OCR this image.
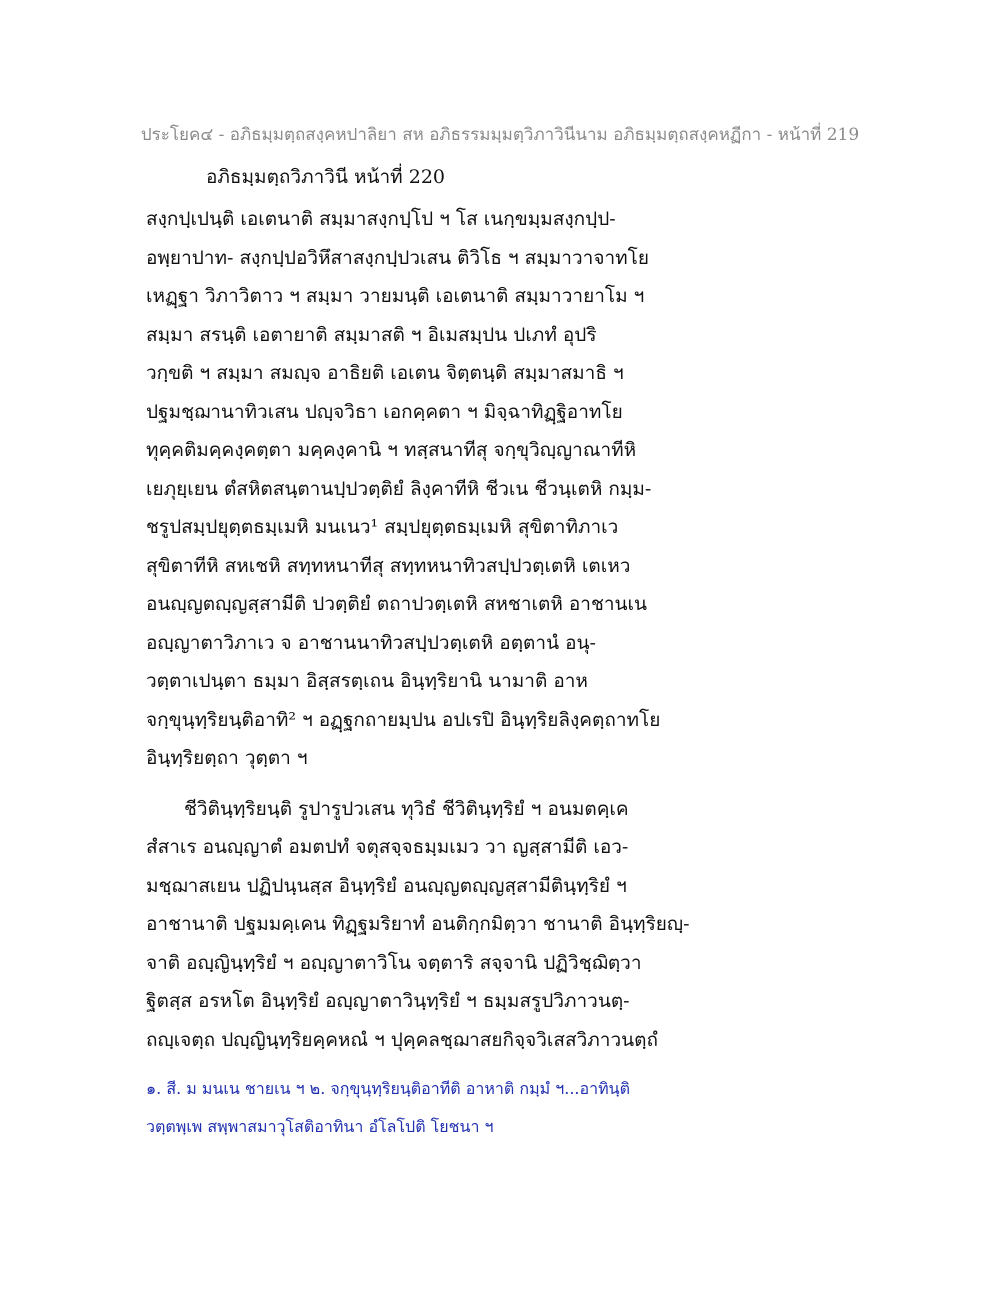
ประโยค๔ - อภิธมฺมตฺถสงฺคหปาลิยา สห อภิธรรมมฺมตฺวิภาวินีนาม อภิธมฺมตฺถสงฺคหฏีกา - หน้าที่ 219
อภิธมฺมตฺถวิภาวินี หน้าที่ 220
สงฺกปฺเปนฺติ เอเตนาติ สมฺมาสงฺกปฺโป ฯ โส เนกฺขมฺมสงฺกปฺป-
อพฺยาปาท- สงฺกปฺปอวิหึสาสงฺกปฺปวเสน ติวิโธ ฯ สมฺมาวาจาทโย
เหฏฺฐา วิภาวิตาว ฯ สมฺมา วายมนฺติ เอเตนาติ สมฺมาวายาโม ฯ
สมฺมา สรนฺติ เอตายาติ สมฺมาสติ ฯ อิเมสมฺปน ปเภทํ อุปริ
วกฺขติ ฯ สมฺมา สมญฺจ อาธิยติ เอเตน จิตฺตนฺติ สมฺมาสมาธิ ฯ
ปฐมชฺฌานาทิวเสน ปญฺจวิธา เอกคฺคตา ฯ มิจฺฉาทิฏฺฐิอาทโย
ทุคฺคติมคฺคงฺคตฺตา มคฺคงฺคานิ ฯ ทสฺสนาทีสุ จกฺขุวิญฺญาณาทีหิ
เยภุยฺเยน ตํสหิตสนฺตานปฺปวตฺติยํ ลิงฺคาทีหิ ชีวเน ชีวนฺเตหิ กมฺม-
ชรูปสมฺปยุตฺตธมฺเมหิ มนเนว¹ สมฺปยุตฺตธมฺเมหิ สุขิตาทิภาเว
สุขิตาทีหิ สหเชหิ สทฺทหนาทีสุ สทฺทหนาทิวสปฺปวตฺเตหิ เตเหว
อนญฺญตญฺญสฺสามีติ ปวตฺติยํ ตถาปวตฺเตหิ สหชาเตหิ อาชานเน
อญฺญาตาวิภาเว จ อาชานนาทิวสปฺปวตฺเตหิ อตฺตานํ อนุ-
วตฺตาเปนฺตา ธมฺมา อิสฺสรตฺเถน อินฺทฺริยานิ นามาติ อาห
จกฺขุนฺทฺริยนฺติอาทิ² ฯ อฏฺฐกถายมฺปน อปเรปิ อินฺทฺริยลิงฺคตฺถาทโย
อินฺทฺริยตฺถา วุตฺตา ฯ
ชีวิตินฺทฺริยนฺติ รูปารูปวเสน ทุวิธํ ชีวิตินฺทฺริยํ ฯ อนมตคฺเค
สํสาเร อนญฺญาตํ อมตปทํ จตุสจฺจธมฺมเมว วา ญสฺสามีติ เอว-
มชฺฌาสเยน ปฏิปนฺนสฺส อินฺทฺริยํ อนญฺญตญฺญสฺสามีตินฺทฺริยํ ฯ
อาชานาติ ปฐมมคฺเคน ทิฏฺฐมริยาทํ อนติกฺกมิตฺวา ชานาติ อินฺทฺริยญฺ-
จาติ อญฺญินฺทฺริยํ ฯ อญฺญาตาวิโน จตฺตาริ สจฺจานิ ปฏิวิชฺฌิตฺวา
ฐิตสฺส อรหโต อินฺทฺริยํ อญฺญาตาวินฺทฺริยํ ฯ ธมฺมสรูปวิภาวนตฺ-
ถญฺเจตฺถ ปญฺญินฺทฺริยคฺคหณํ ฯ ปุคฺคลชฺฌาสยกิจฺจวิเสสวิภาวนตฺถํ
๑. สี. ม มนเน ชายเน ฯ ๒. จกฺขุนฺทฺริยนฺติอาทีติ อาหาติ กมฺมํ ฯ...อาทินฺติ
วตฺตพฺเพ สพฺพาสมาวุโสติอาทินา อํโลโปติ โยชนา ฯ
